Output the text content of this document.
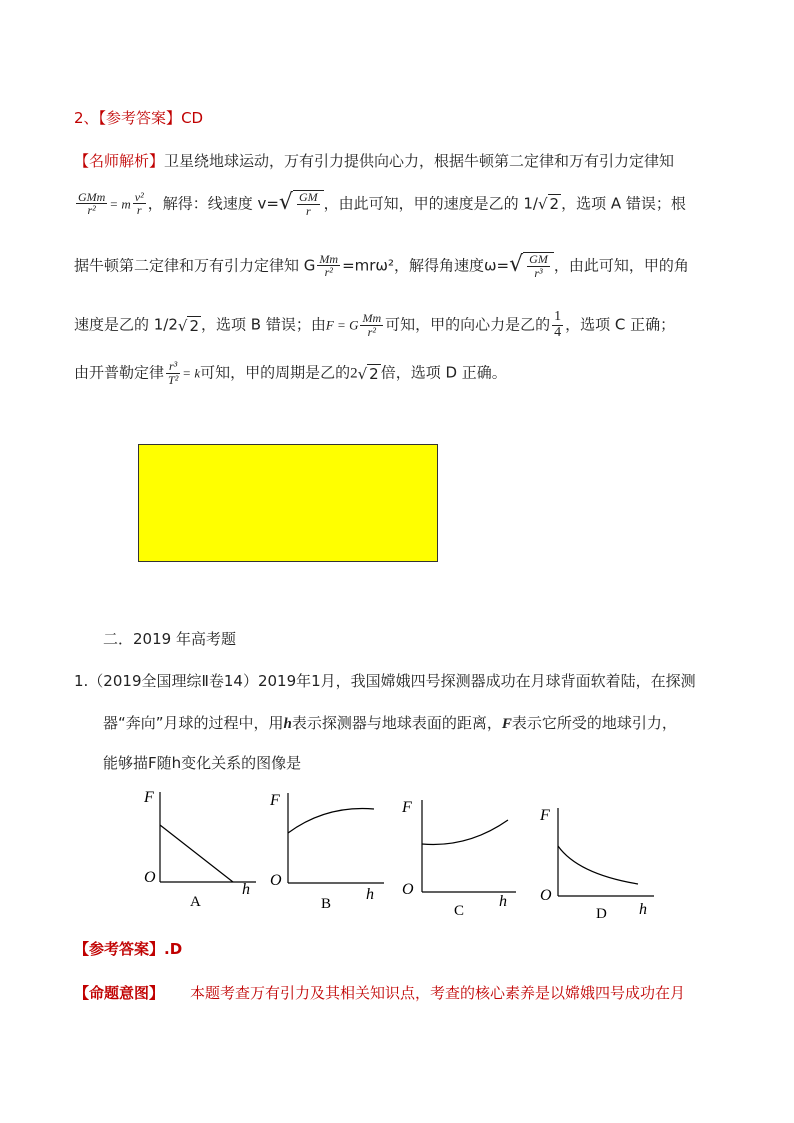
2、【参考答案】CD
【名师解析】卫星绕地球运动，万有引力提供向心力，根据牛顿第二定律和万有引力定律知
$\frac{\text{GMm}}{\text{r²}} = m \frac{\text{v²}}{r}$ ，解得：线速度 $v=√ \frac{GM}{r}$ ，由此可知，甲的速度是乙的 1/√ 2 ，选项 A 错误；根
据牛顿第二定律和万有引力定律知 G $\frac{Mm}{\text{r²}} =mr\omega^2$，解得角速度$\omega=√ \frac{GM}{\text{r³}}$ ，由此可知，甲的角
速度是乙的 1/2√ 2 ，选项 B 错误；由F = G $\frac{Mm}{\text{r²}}$ 可知，甲的向心力是乙的 $\frac{1}{4}$ ，选项 C 正确；
由开普勒定律 $\frac{\text{r³}}{\text{T²}} = k$可知，甲的周期是乙的2√ 2 倍，选项 D 正确。
二．2019 年高考题
1.（2019全国理综Ⅱ卷14）2019年1月，我国嫦娥四号探测器成功在月球背面软着陆，在探测
器“奔向”月球的过程中，用h表示探测器与地球表面的距离，F表示它所受的地球引力，
能够描F随h变化关系的图像是
F
O
h
A
F
O
h
B
F
O
h
C
F
O
h
D
【参考答案】.D
【命题意图】 本题考查万有引力及其相关知识点，考查的核心素养是以嫦娥四号成功在月
